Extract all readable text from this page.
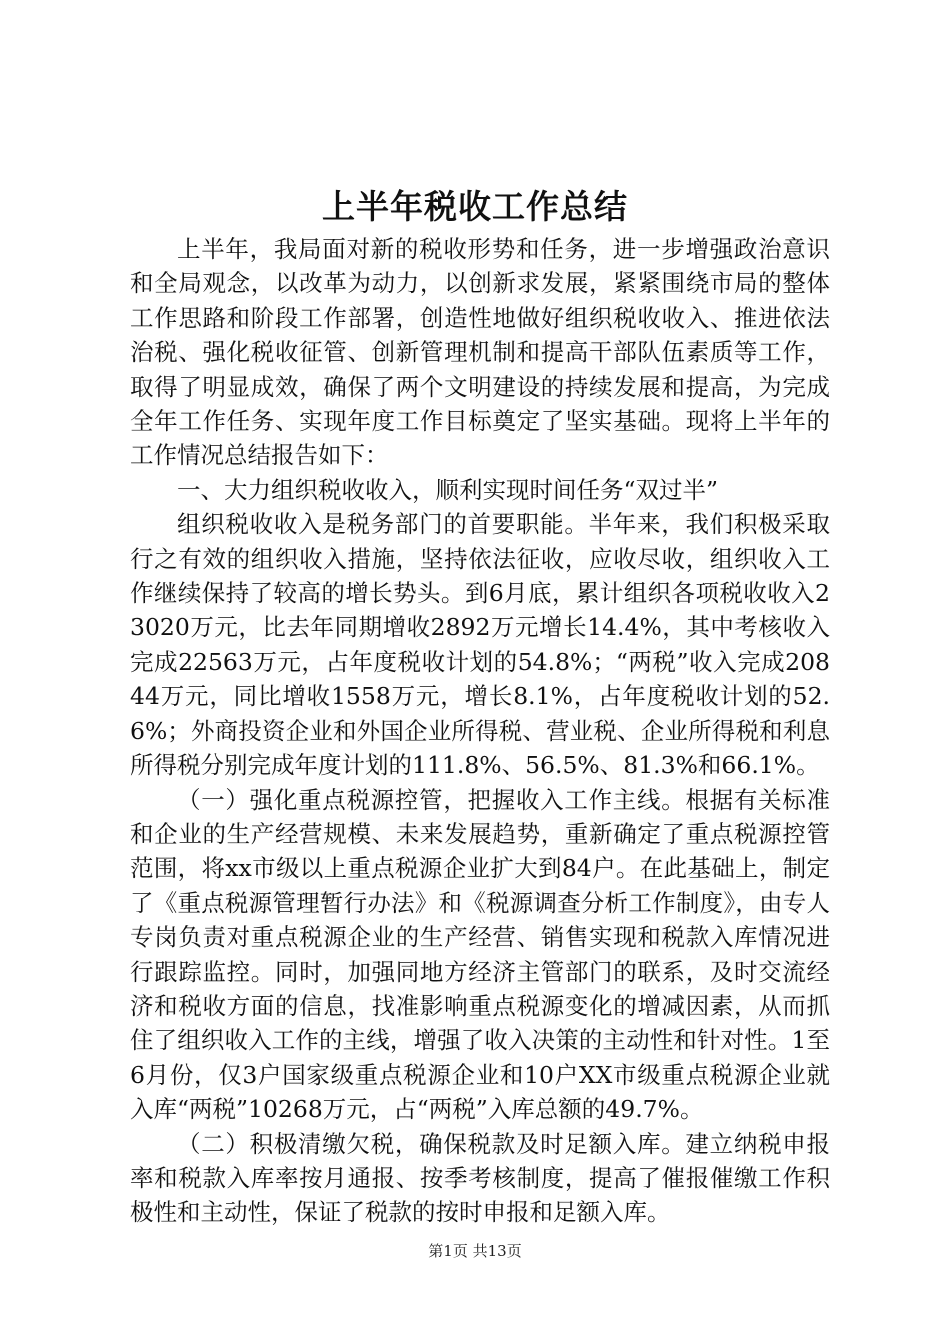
上半年税收工作总结

上半年，我局面对新的税收形势和任务，进一步增强政治意识和全局观念，以改革为动力，以创新求发展，紧紧围绕市局的整体工作思路和阶段工作部署，创造性地做好组织税收收入、推进依法治税、强化税收征管、创新管理机制和提高干部队伍素质等工作，取得了明显成效，确保了两个文明建设的持续发展和提高，为完成全年工作任务、实现年度工作目标奠定了坚实基础。现将上半年的工作情况总结报告如下：

一、大力组织税收收入，顺利实现时间任务“双过半”

组织税收收入是税务部门的首要职能。半年来，我们积极采取行之有效的组织收入措施，坚持依法征收，应收尽收，组织收入工作继续保持了较高的增长势头。到6月底，累计组织各项税收收入23020万元，比去年同期增收2892万元增长14.4%，其中考核收入完成22563万元，占年度税收计划的54.8%；“两税”收入完成20844万元，同比增收1558万元，增长8.1%，占年度税收计划的52.6%；外商投资企业和外国企业所得税、营业税、企业所得税和利息所得税分别完成年度计划的111.8%、56.5%、81.3%和66.1%。

（一）强化重点税源控管，把握收入工作主线。根据有关标准和企业的生产经营规模、未来发展趋势，重新确定了重点税源控管范围，将xx市级以上重点税源企业扩大到84户。在此基础上，制定了《重点税源管理暂行办法》和《税源调查分析工作制度》，由专人专岗负责对重点税源企业的生产经营、销售实现和税款入库情况进行跟踪监控。同时，加强同地方经济主管部门的联系，及时交流经济和税收方面的信息，找准影响重点税源变化的增减因素，从而抓住了组织收入工作的主线，增强了收入决策的主动性和针对性。1至6月份，仅3户国家级重点税源企业和10户XX市级重点税源企业就入库“两税”10268万元，占“两税”入库总额的49.7%。

（二）积极清缴欠税，确保税款及时足额入库。建立纳税申报率和税款入库率按月通报、按季考核制度，提高了催报催缴工作积极性和主动性，保证了税款的按时申报和足额入库。

第1页 共13页
